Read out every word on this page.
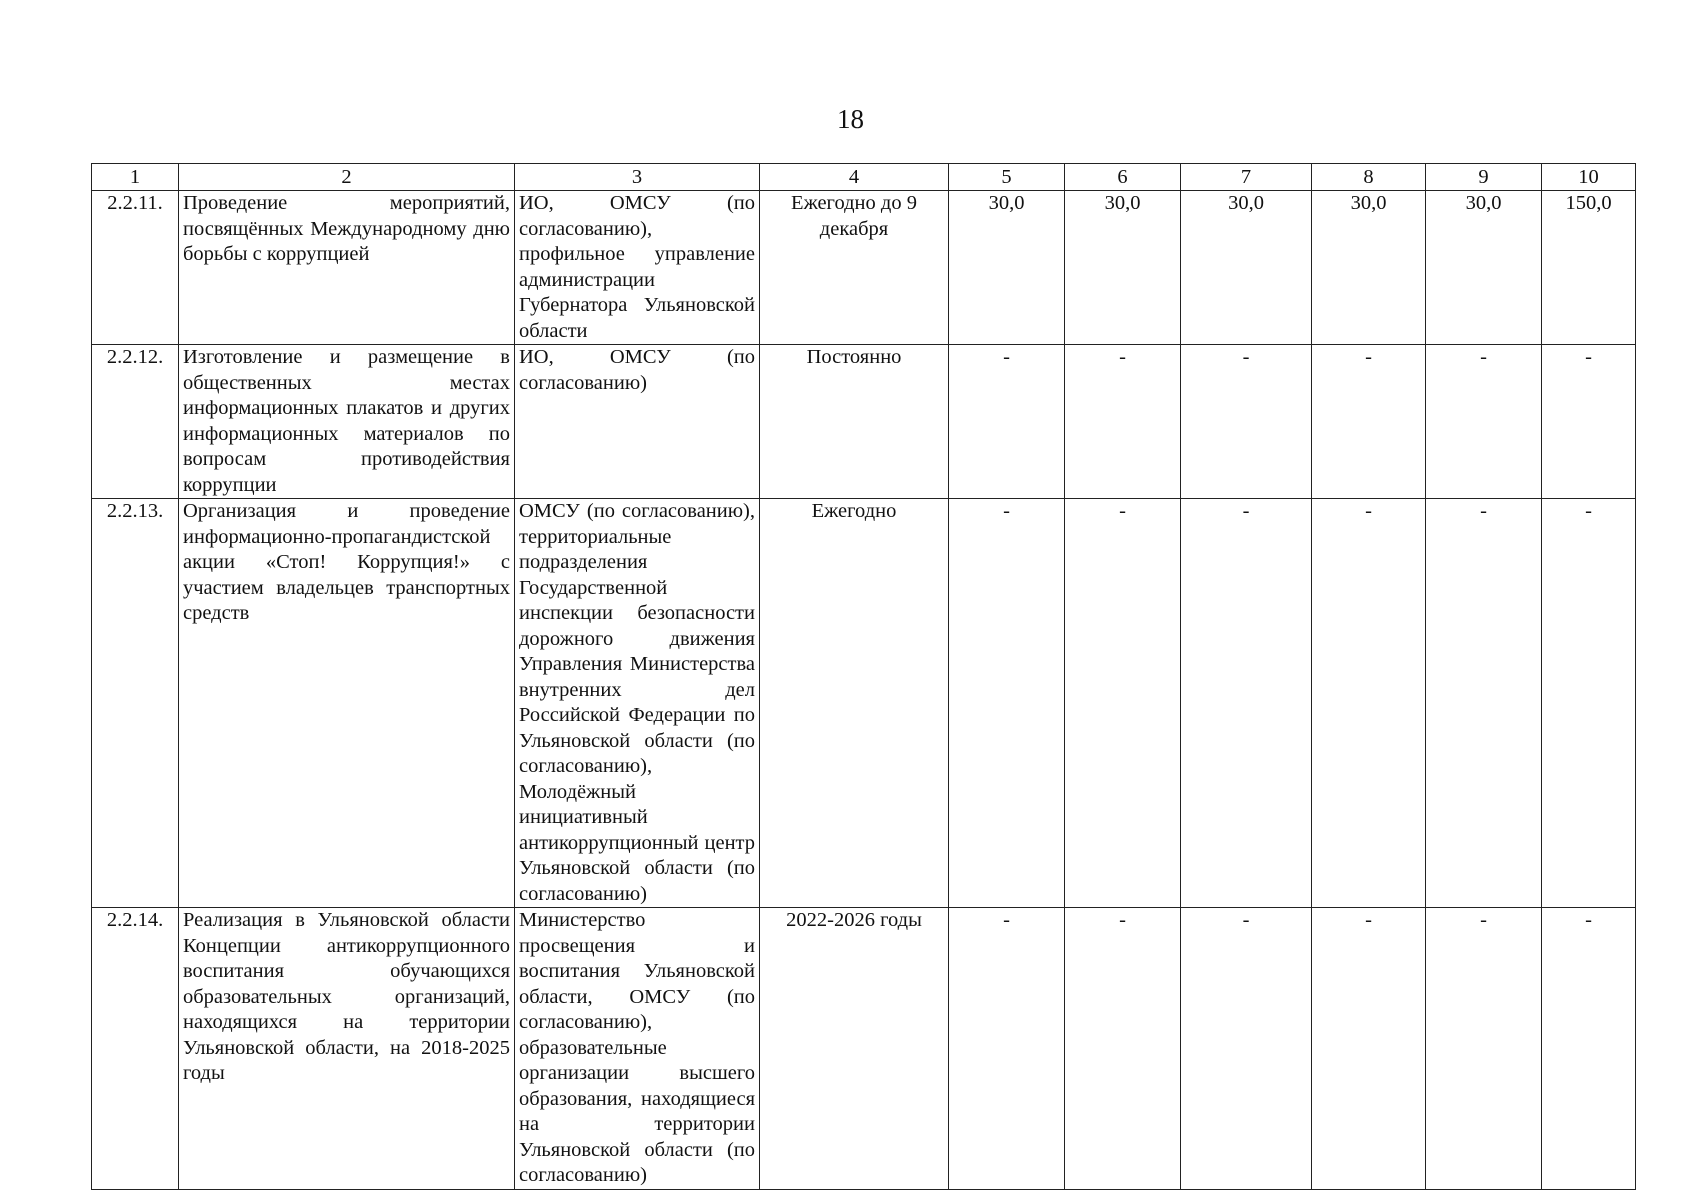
18
1	2	3	4	5	6	7	8	9	10
2.2.11.	Проведение мероприятий, посвящённых Международному дню борьбы с коррупцией	ИО, ОМСУ (по согласованию), профильное управление администрации Губернатора Ульяновской области	Ежегодно до 9 декабря	30,0	30,0	30,0	30,0	30,0	150,0
2.2.12.	Изготовление и размещение в общественных местах информационных плакатов и других информационных материалов по вопросам противодействия коррупции	ИО, ОМСУ (по согласованию)	Постоянно	-	-	-	-	-	-
2.2.13.	Организация и проведение информационно-пропагандистской акции «Стоп! Коррупция!» с участием владельцев транспортных средств	ОМСУ (по согласованию), территориальные подразделения Государственной инспекции безопасности дорожного движения Управления Министерства внутренних дел Российской Федерации по Ульяновской области (по согласованию), Молодёжный инициативный антикоррупционный центр Ульяновской области (по согласованию)	Ежегодно	-	-	-	-	-	-
2.2.14.	Реализация в Ульяновской области Концепции антикоррупционного воспитания обучающихся образовательных организаций, находящихся на территории Ульяновской области, на 2018-2025 годы	Министерство просвещения и воспитания Ульяновской области, ОМСУ (по согласованию), образовательные организации высшего образования, находящиеся на территории Ульяновской области (по согласованию)	2022-2026 годы	-	-	-	-	-	-
